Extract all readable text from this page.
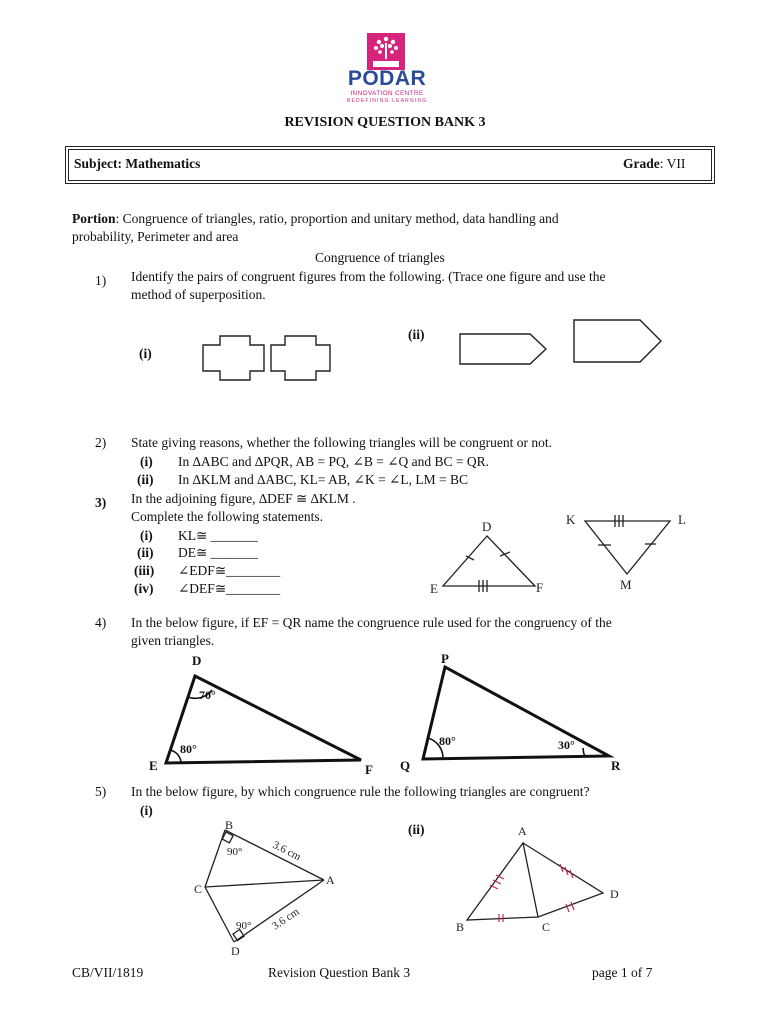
PODAR
INNOVATION CENTRE
REDEFINING LEARNING
REVISION QUESTION BANK 3
Subject: Mathematics	Grade: VII
Portion: Congruence of triangles, ratio, proportion and unitary method, data handling and
probability, Perimeter and area
Congruence of triangles
1) Identify the pairs of congruent figures from the following. (Trace one figure and use the
method of superposition.
(i)
(ii)
2) State giving reasons, whether the following triangles will be congruent or not.
(i) In ∆ABC and ∆PQR, AB = PQ, ∠B = ∠Q and BC = QR.
(ii) In ∆KLM and ∆ABC, KL= AB, ∠K = ∠L, LM = BC
3) In the adjoining figure, ∆DEF ≅ ∆KLM .
Complete the following statements.
(i) KL≅ _______
(ii) DE≅ _______
(iii) ∠EDF≅________
(iv) ∠DEF≅________
D
E	F
K	L
M
4) In the below figure, if EF = QR name the congruence rule used for the congruency of the
given triangles.
D
E	F
P
Q	R
70°
80°
80°	30°
5) In the below figure, by which congruence rule the following triangles are congruent?
(i)
(ii)
B
C
A
D
90°
90°
3.6 cm
3.6 cm
A
B	C
D
CB/VII/1819	Revision Question Bank 3	page 1 of 7
